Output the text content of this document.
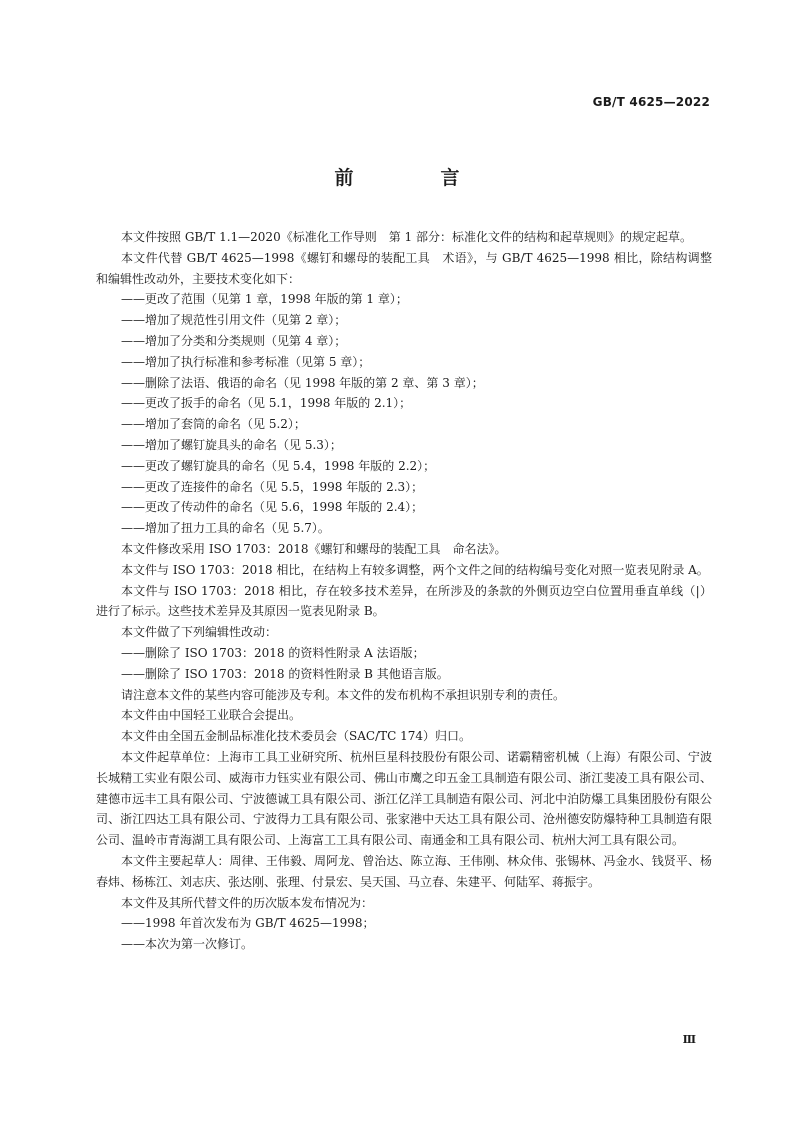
GB/T 4625—2022
前　言

本文件按照 GB/T 1.1—2020《标准化工作导则　第 1 部分：标准化文件的结构和起草规则》的规定起草。

本文件代替 GB/T 4625—1998《螺钉和螺母的装配工具　术语》，与 GB/T 4625—1998 相比，除结构调整和编辑性改动外，主要技术变化如下：

——更改了范围（见第 1 章，1998 年版的第 1 章）；

——增加了规范性引用文件（见第 2 章）；

——增加了分类和分类规则（见第 4 章）；

——增加了执行标准和参考标准（见第 5 章）；

——删除了法语、俄语的命名（见 1998 年版的第 2 章、第 3 章）；

——更改了扳手的命名（见 5.1，1998 年版的 2.1）；

——增加了套筒的命名（见 5.2）；

——增加了螺钉旋具头的命名（见 5.3）；

——更改了螺钉旋具的命名（见 5.4，1998 年版的 2.2）；

——更改了连接件的命名（见 5.5，1998 年版的 2.3）；

——更改了传动件的命名（见 5.6，1998 年版的 2.4）；

——增加了扭力工具的命名（见 5.7）。

本文件修改采用 ISO 1703：2018《螺钉和螺母的装配工具　命名法》。

本文件与 ISO 1703：2018 相比，在结构上有较多调整，两个文件之间的结构编号变化对照一览表见附录 A。

本文件与 ISO 1703：2018 相比，存在较多技术差异，在所涉及的条款的外侧页边空白位置用垂直单线（|）进行了标示。这些技术差异及其原因一览表见附录 B。

本文件做了下列编辑性改动：

——删除了 ISO 1703：2018 的资料性附录 A 法语版；

——删除了 ISO 1703：2018 的资料性附录 B 其他语言版。

请注意本文件的某些内容可能涉及专利。本文件的发布机构不承担识别专利的责任。

本文件由中国轻工业联合会提出。

本文件由全国五金制品标准化技术委员会（SAC/TC 174）归口。

本文件起草单位：上海市工具工业研究所、杭州巨星科技股份有限公司、诺霸精密机械（上海）有限公司、宁波长城精工实业有限公司、威海市力钰实业有限公司、佛山市鹰之印五金工具制造有限公司、浙江斐凌工具有限公司、建德市远丰工具有限公司、宁波德诚工具有限公司、浙江亿洋工具制造有限公司、河北中泊防爆工具集团股份有限公司、浙江四达工具有限公司、宁波得力工具有限公司、张家港中天达工具有限公司、沧州德安防爆特种工具制造有限公司、温岭市青海湖工具有限公司、上海富工工具有限公司、南通金和工具有限公司、杭州大河工具有限公司。

本文件主要起草人：周律、王伟毅、周阿龙、曾治达、陈立海、王伟刚、林众伟、张锡林、冯金水、钱贤平、杨春炜、杨栋江、刘志庆、张达刚、张理、付景宏、吴天国、马立春、朱建平、何陆军、蒋振宇。

本文件及其所代替文件的历次版本发布情况为：

——1998 年首次发布为 GB/T 4625—1998；

——本次为第一次修订。

Ⅲ
